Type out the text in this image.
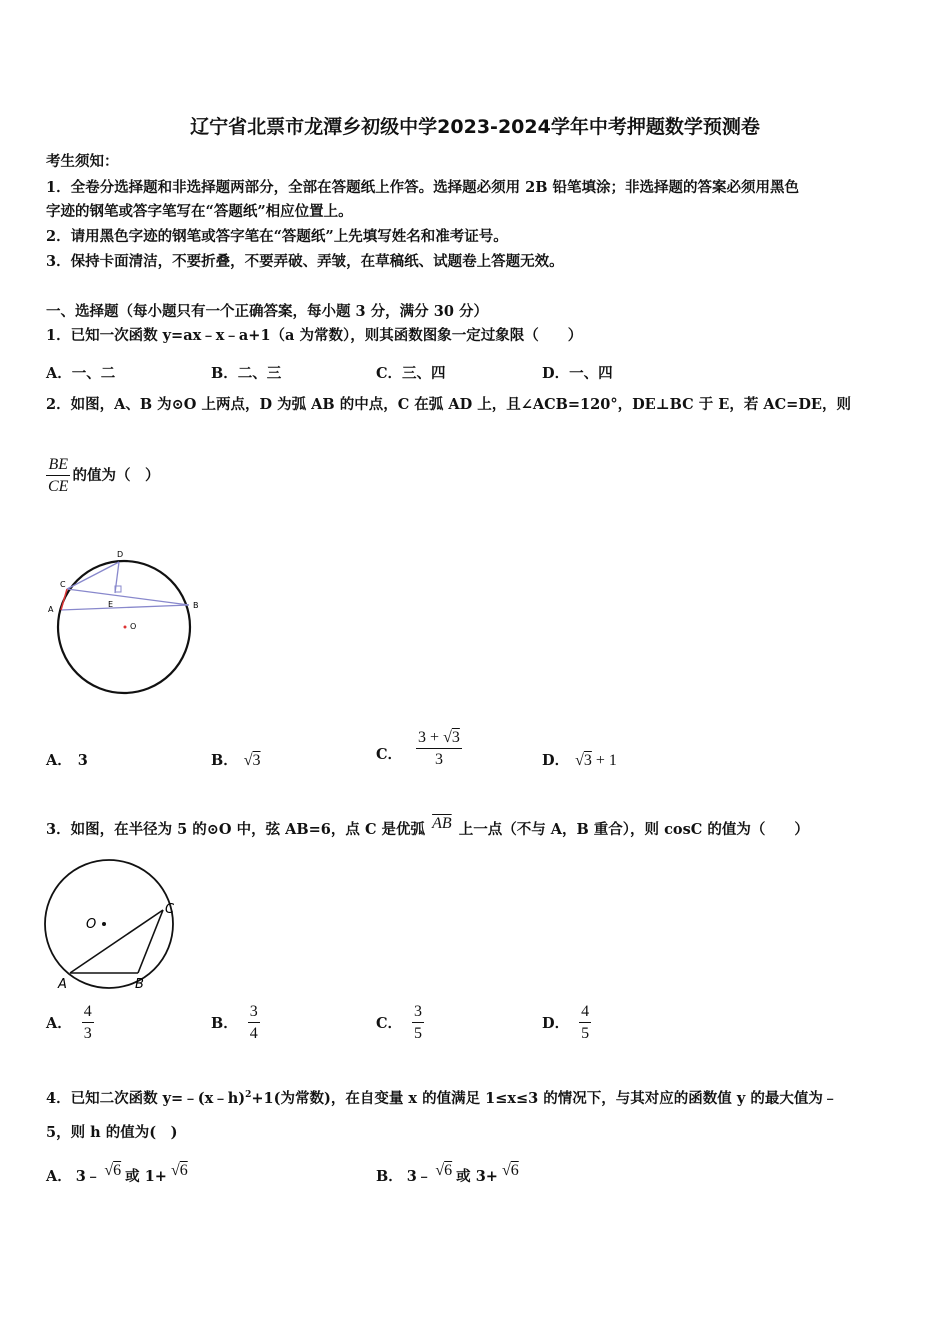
辽宁省北票市龙潭乡初级中学2023-2024学年中考押题数学预测卷
考生须知：
1．全卷分选择题和非选择题两部分，全部在答题纸上作答。选择题必须用 2B 铅笔填涂；非选择题的答案必须用黑色
字迹的钢笔或答字笔写在“答题纸”相应位置上。
2．请用黑色字迹的钢笔或答字笔在“答题纸”上先填写姓名和准考证号。
3．保持卡面清洁，不要折叠，不要弄破、弄皱，在草稿纸、试题卷上答题无效。
一、选择题（每小题只有一个正确答案，每小题 3 分，满分 30 分）
1．已知一次函数 y=ax﹣x﹣a+1（a 为常数），则其函数图象一定过象限（　　）
A．一、二	B．二、三	C．三、四	D．一、四
2．如图，A、B 为⊙O 上两点，D 为弧 AB 的中点，C 在弧 AD 上，且∠ACB=120°，DE⊥BC 于 E，若 AC=DE，则
$\frac{BE}{CE}$ 的值为（　）
D
C
A
E	B
O
A． 3	B． √3	C． $\frac{3 + √3}{3}$	D． √3 + 1
3．如图，在半径为 5 的⊙O 中，弦 AB=6，点 C 是优弧 $\overline{AB}$ 上一点（不与 A，B 重合），则 cosC 的值为（　　）
O
C
A	B
A． $\frac{4}{3}$	B． $\frac{3}{4}$	C． $\frac{3}{5}$	D． $\frac{4}{5}$
4．已知二次函数 y=﹣(x﹣h)$^2$+1(为常数)，在自变量 x 的值满足 1≤x≤3 的情况下，与其对应的函数值 y 的最大值为﹣
5，则 h 的值为(　)
A． 3﹣ √6 或 1+ √6	B． 3﹣ √6 或 3+ √6
